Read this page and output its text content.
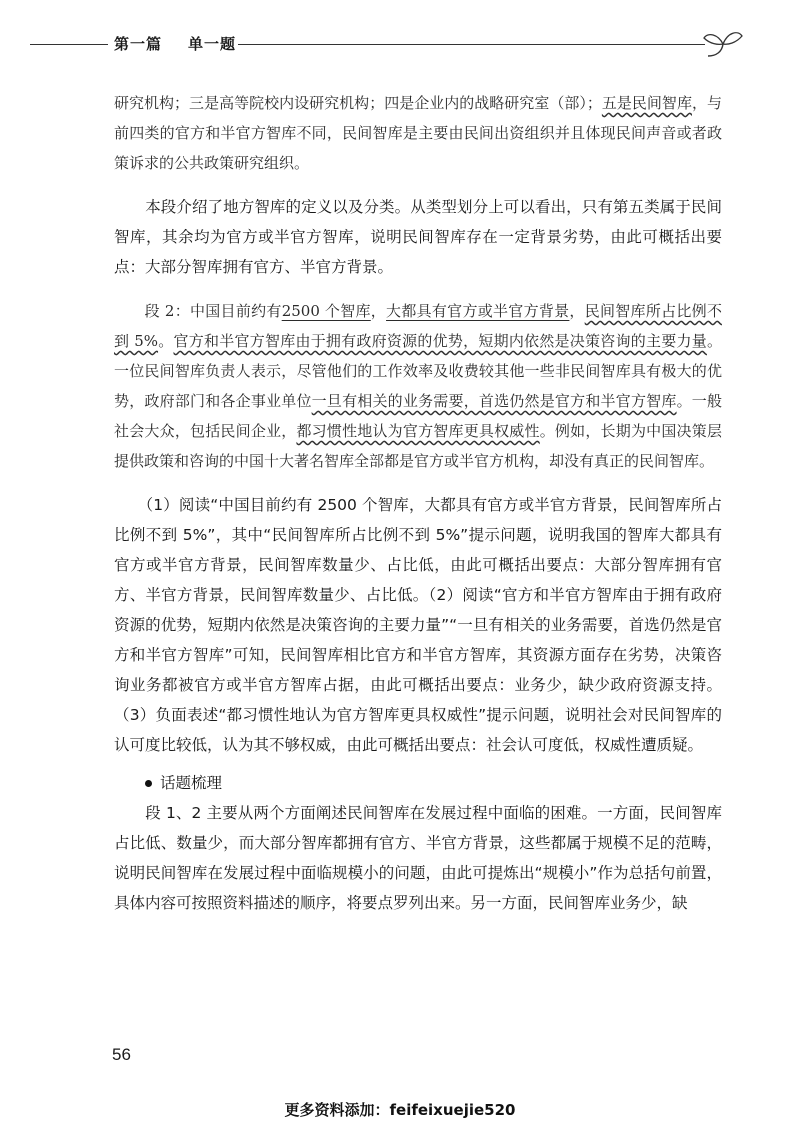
第一篇 单一题

研究机构；三是高等院校内设研究机构；四是企业内的战略研究室（部）；五是民间智库，与前四类的官方和半官方智库不同，民间智库是主要由民间出资组织并且体现民间声音或者政策诉求的公共政策研究组织。

　　本段介绍了地方智库的定义以及分类。从类型划分上可以看出，只有第五类属于民间智库，其余均为官方或半官方智库，说明民间智库存在一定背景劣势，由此可概括出要点：大部分智库拥有官方、半官方背景。

　　段 2：中国目前约有2500 个智库，大都具有官方或半官方背景，民间智库所占比例不到 5%。官方和半官方智库由于拥有政府资源的优势，短期内依然是决策咨询的主要力量。一位民间智库负责人表示，尽管他们的工作效率及收费较其他一些非民间智库具有极大的优势，政府部门和各企事业单位一旦有相关的业务需要，首选仍然是官方和半官方智库。一般社会大众，包括民间企业，都习惯性地认为官方智库更具权威性。例如，长期为中国决策层提供政策和咨询的中国十大著名智库全部都是官方或半官方机构，却没有真正的民间智库。

　　（1）阅读“中国目前约有 2500 个智库，大都具有官方或半官方背景，民间智库所占比例不到 5%”，其中“民间智库所占比例不到 5%”提示问题，说明我国的智库大都具有官方或半官方背景，民间智库数量少、占比低，由此可概括出要点：大部分智库拥有官方、半官方背景，民间智库数量少、占比低。（2）阅读“官方和半官方智库由于拥有政府资源的优势，短期内依然是决策咨询的主要力量”“一旦有相关的业务需要，首选仍然是官方和半官方智库”可知，民间智库相比官方和半官方智库，其资源方面存在劣势，决策咨询业务都被官方或半官方智库占据，由此可概括出要点：业务少，缺少政府资源支持。（3）负面表述“都习惯性地认为官方智库更具权威性”提示问题，说明社会对民间智库的认可度比较低，认为其不够权威，由此可概括出要点：社会认可度低，权威性遭质疑。

　　话题梳理

　　段 1、2 主要从两个方面阐述民间智库在发展过程中面临的困难。一方面，民间智库占比低、数量少，而大部分智库都拥有官方、半官方背景，这些都属于规模不足的范畴，说明民间智库在发展过程中面临规模小的问题，由此可提炼出“规模小”作为总括句前置，具体内容可按照资料描述的顺序，将要点罗列出来。另一方面，民间智库业务少，缺

56
更多资料添加：feifeixuejie520
